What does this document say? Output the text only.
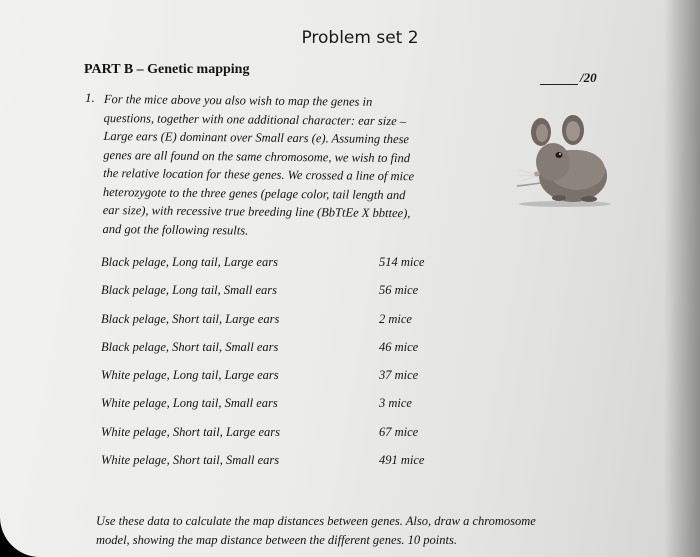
Problem set 2
PART B – Genetic mapping
/20
1. For the mice above you also wish to map the genes in

questions, together with one additional character: ear size –

Large ears (E) dominant over Small ears (e). Assuming these

genes are all found on the same chromosome, we wish to find

the relative location for these genes. We crossed a line of mice

heterozygote to the three genes (pelage color, tail length and

ear size), with recessive true breeding line (BbTtEe X bbttee),

and got the following results.

Black pelage, Long tail, Large ears	514 mice
Black pelage, Long tail, Small ears	56 mice
Black pelage, Short tail, Large ears	2 mice
Black pelage, Short tail, Small ears	46 mice
White pelage, Long tail, Large ears	37 mice
White pelage, Long tail, Small ears	3 mice
White pelage, Short tail, Large ears	67 mice
White pelage, Short tail, Small ears	491 mice

Use these data to calculate the map distances between genes. Also, draw a chromosome

model, showing the map distance between the different genes. 10 points.
